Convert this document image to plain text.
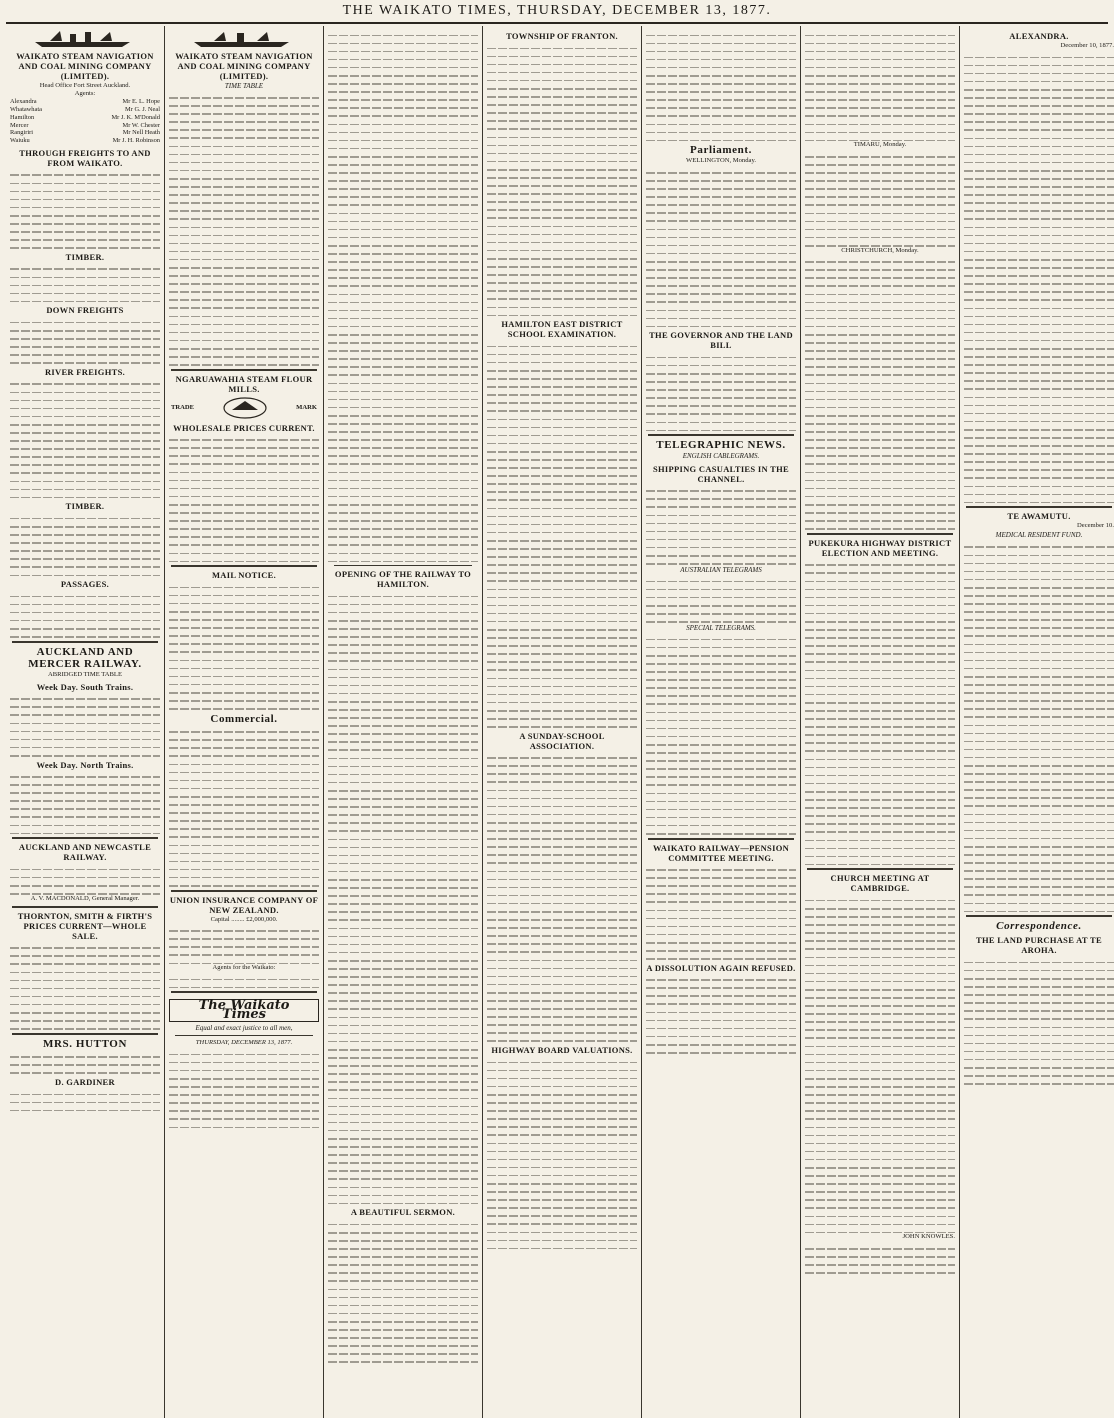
THE WAIKATO TIMES, THURSDAY, DECEMBER 13, 1877.
WAIKATO STEAM NAVIGATION AND COAL MINING COMPANY (LIMITED).
Head Office Fort Street Auckland.
Agents:
Alexandra	Mr E. L. Hope
Whatawhata	Mr G. J. Neal
Hamilton	Mr J. K. M'Donald
Mercer	Mr W. Chester
Rangiriri	Mr Nell Heath
Waiuku	Mr J. H. Robinson
THROUGH FREIGHTS TO AND FROM WAIKATO.
TIMBER.
DOWN FREIGHTS
RIVER FREIGHTS.
TIMBER.
PASSAGES.
AUCKLAND AND MERCER RAILWAY.
ABRIDGED TIME TABLE
Week Day. South Trains.
Week Day. North Trains.
AUCKLAND AND NEWCASTLE RAILWAY.
A. V. MACDONALD, General Manager.
THORNTON, SMITH & FIRTH'S PRICES CURRENT—WHOLE SALE.
MRS. HUTTON
D. GARDINER
WAIKATO STEAM NAVIGATION AND COAL MINING COMPANY (LIMITED).
TIME TABLE
NGARUAWAHIA STEAM FLOUR MILLS.
TRADE	MARK
WHOLESALE PRICES CURRENT.
MAIL NOTICE.
Commercial.
UNION INSURANCE COMPANY OF NEW ZEALAND.
Capital ........ £2,000,000.
Agents for the Waikato:
The Waikato Times
Equal and exact justice to all men,
THURSDAY, DECEMBER 13, 1877.
OPENING OF THE RAILWAY TO HAMILTON.
A BEAUTIFUL SERMON.
TOWNSHIP OF FRANTON.
HAMILTON EAST DISTRICT SCHOOL EXAMINATION.
A SUNDAY-SCHOOL ASSOCIATION.
HIGHWAY BOARD VALUATIONS.
Parliament.
WELLINGTON, Monday.
THE GOVERNOR AND THE LAND BILL
TELEGRAPHIC NEWS.
ENGLISH CABLEGRAMS.
SHIPPING CASUALTIES IN THE CHANNEL.
AUSTRALIAN TELEGRAMS
SPECIAL TELEGRAMS.
WAIKATO RAILWAY—PENSION COMMITTEE MEETING.
A DISSOLUTION AGAIN REFUSED.
TIMARU, Monday.
CHRISTCHURCH, Monday.
PUKEKURA HIGHWAY DISTRICT ELECTION AND MEETING.
CHURCH MEETING AT CAMBRIDGE.
JOHN KNOWLES.
ALEXANDRA.
December 10, 1877.
TE AWAMUTU.
December 10.
MEDICAL RESIDENT FUND.
Correspondence.
THE LAND PURCHASE AT TE AROHA.
